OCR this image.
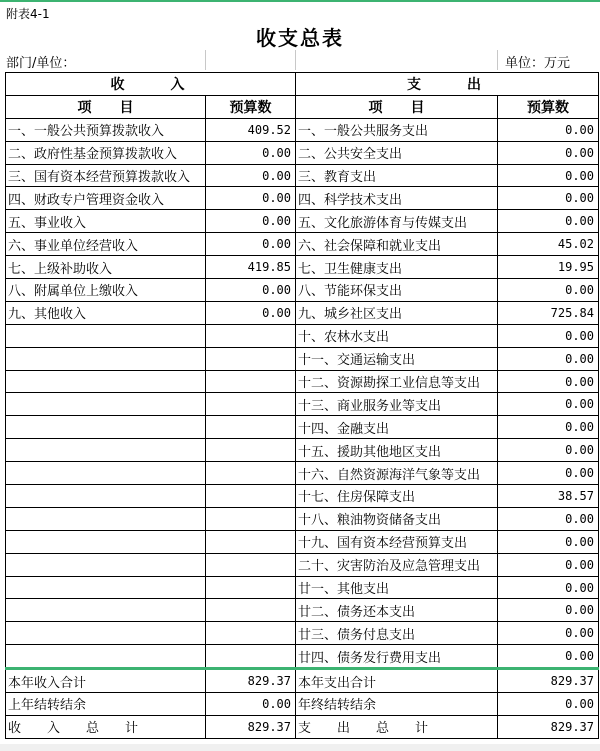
附表4-1
收支总表
部门/单位：	单位：万元
收　　入		支　　出	
项　　目	预算数	项　　目	预算数
一、一般公共预算拨款收入	409.52	一、一般公共服务支出	0.00
二、政府性基金预算拨款收入	0.00	二、公共安全支出	0.00
三、国有资本经营预算拨款收入	0.00	三、教育支出	0.00
四、财政专户管理资金收入	0.00	四、科学技术支出	0.00
五、事业收入	0.00	五、文化旅游体育与传媒支出	0.00
六、事业单位经营收入	0.00	六、社会保障和就业支出	45.02
七、上级补助收入	419.85	七、卫生健康支出	19.95
八、附属单位上缴收入	0.00	八、节能环保支出	0.00
九、其他收入	0.00	九、城乡社区支出	725.84
		十、农林水支出	0.00
		十一、交通运输支出	0.00
		十二、资源勘探工业信息等支出	0.00
		十三、商业服务业等支出	0.00
		十四、金融支出	0.00
		十五、援助其他地区支出	0.00
		十六、自然资源海洋气象等支出	0.00
		十七、住房保障支出	38.57
		十八、粮油物资储备支出	0.00
		十九、国有资本经营预算支出	0.00
		二十、灾害防治及应急管理支出	0.00
		廿一、其他支出	0.00
		廿二、债务还本支出	0.00
		廿三、债务付息支出	0.00
		廿四、债务发行费用支出	0.00
本年收入合计	829.37	本年支出合计	829.37
上年结转结余	0.00	年终结转结余	0.00
收　　入　　总　　计	829.37	支　　出　　总　　计	829.37
